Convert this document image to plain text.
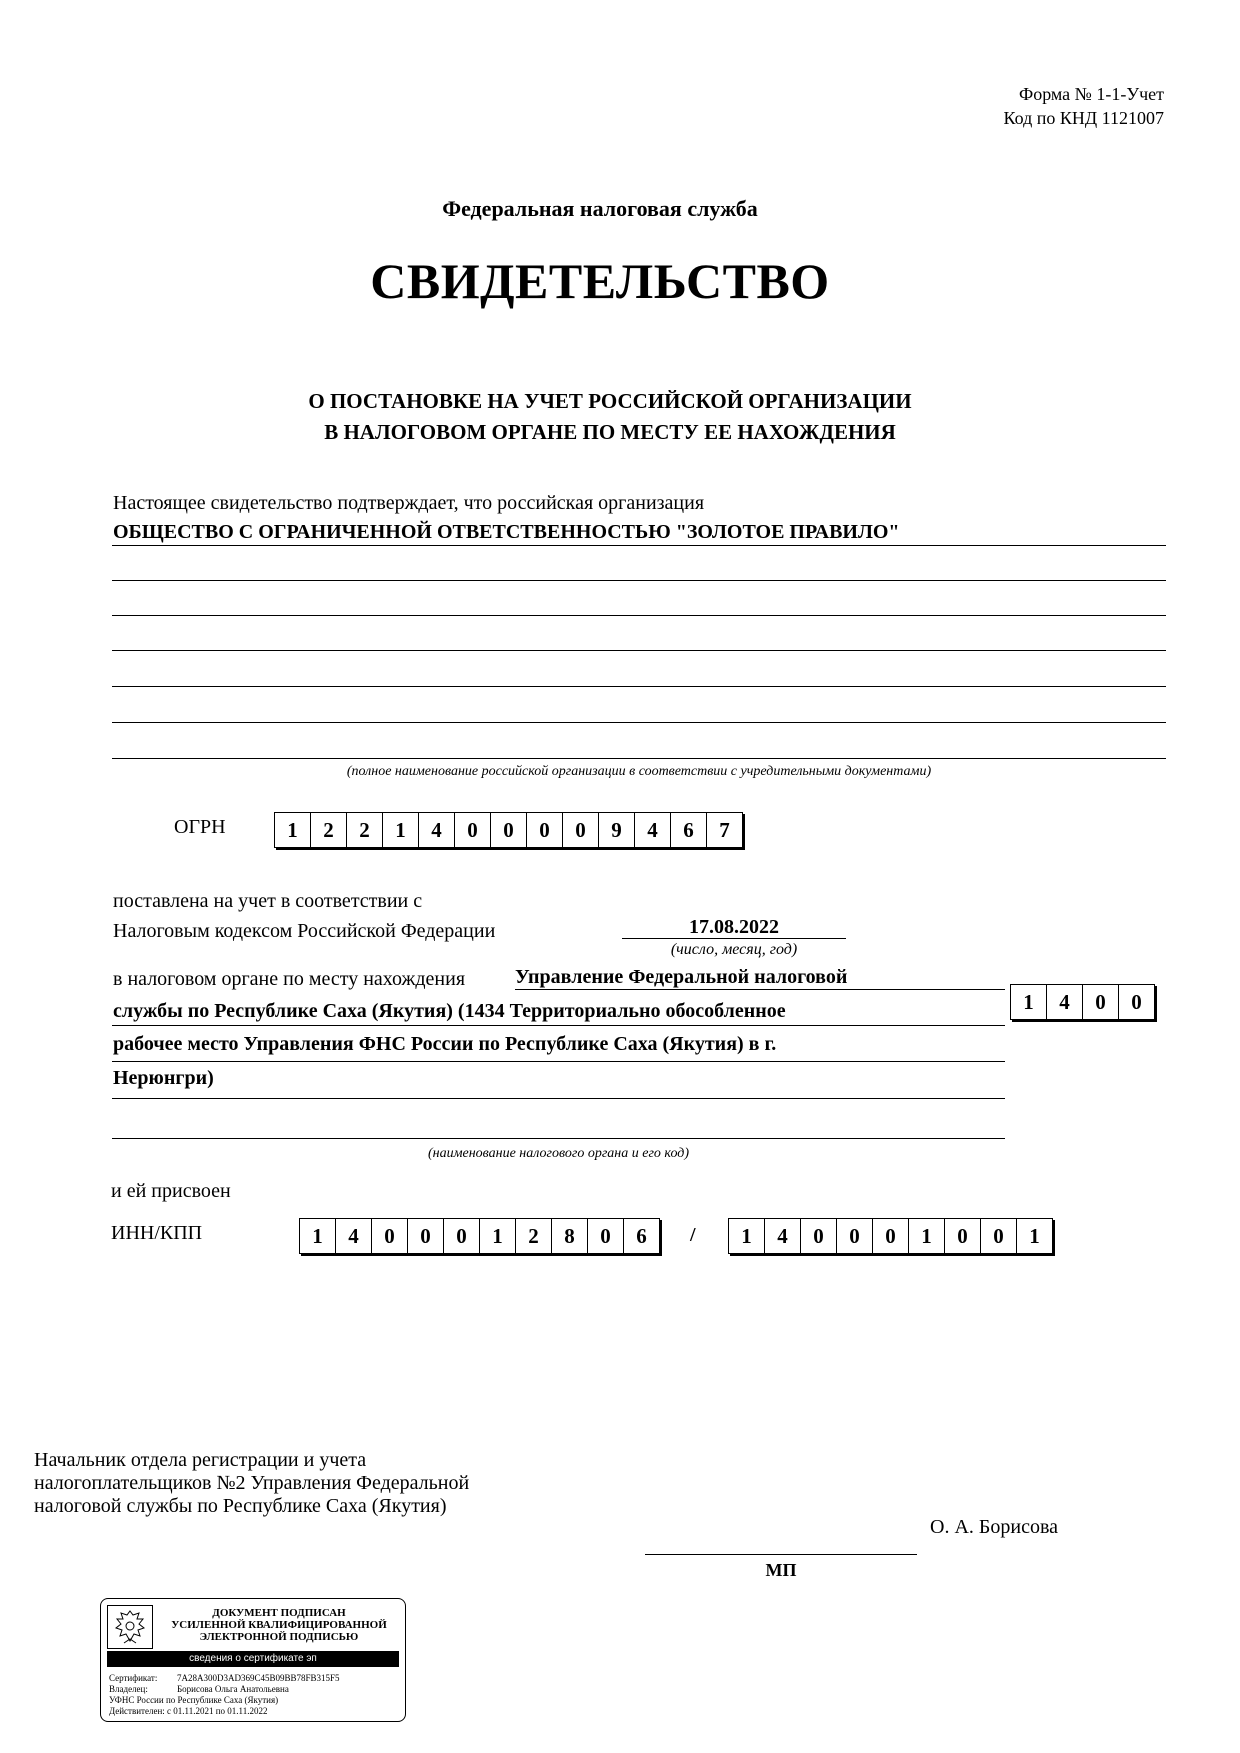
Форма № 1-1-Учет
Код по КНД 1121007
Федеральная налоговая служба
СВИДЕТЕЛЬСТВО
О ПОСТАНОВКЕ НА УЧЕТ РОССИЙСКОЙ ОРГАНИЗАЦИИ
В НАЛОГОВОМ ОРГАНЕ ПО МЕСТУ ЕЕ НАХОЖДЕНИЯ
Настоящее свидетельство подтверждает, что российская организация
ОБЩЕСТВО С ОГРАНИЧЕННОЙ ОТВЕТСТВЕННОСТЬЮ "ЗОЛОТОЕ ПРАВИЛО"
(полное наименование российской организации в соответствии с учредительными документами)
ОГРН	1	2	2	1	4	0	0	0	0	9	4	6	7
поставлена на учет в соответствии с
Налоговым кодексом Российской Федерации	17.08.2022
(число, месяц, год)
в налоговом органе по месту нахождения Управление Федеральной налоговой
службы по Республике Саха (Якутия) (1434 Территориально обособленное
рабочее место Управления ФНС России по Республике Саха (Якутия) в г.
Нерюнгри)
(наименование налогового органа и его код)
1	4	0	0
и ей присвоен
ИНН/КПП	1	4	0	0	0	1	2	8	0	6	/	1	4	0	0	0	1	0	0	1
Начальник отдела регистрации и учета
налогоплательщиков №2 Управления Федеральной
налоговой службы по Республике Саха (Якутия)
О. А. Борисова
МП
ДОКУМЕНТ ПОДПИСАН
УСИЛЕННОЙ КВАЛИФИЦИРОВАННОЙ
ЭЛЕКТРОННОЙ ПОДПИСЬЮ
сведения о сертификате эп
Сертификат: 7A28A300D3AD369C45B09BB78FB315F5
Владелец:	Борисова Ольга Анатольевна
УФНС России по Республике Саха (Якутия)
Действителен: с 01.11.2021 по 01.11.2022
